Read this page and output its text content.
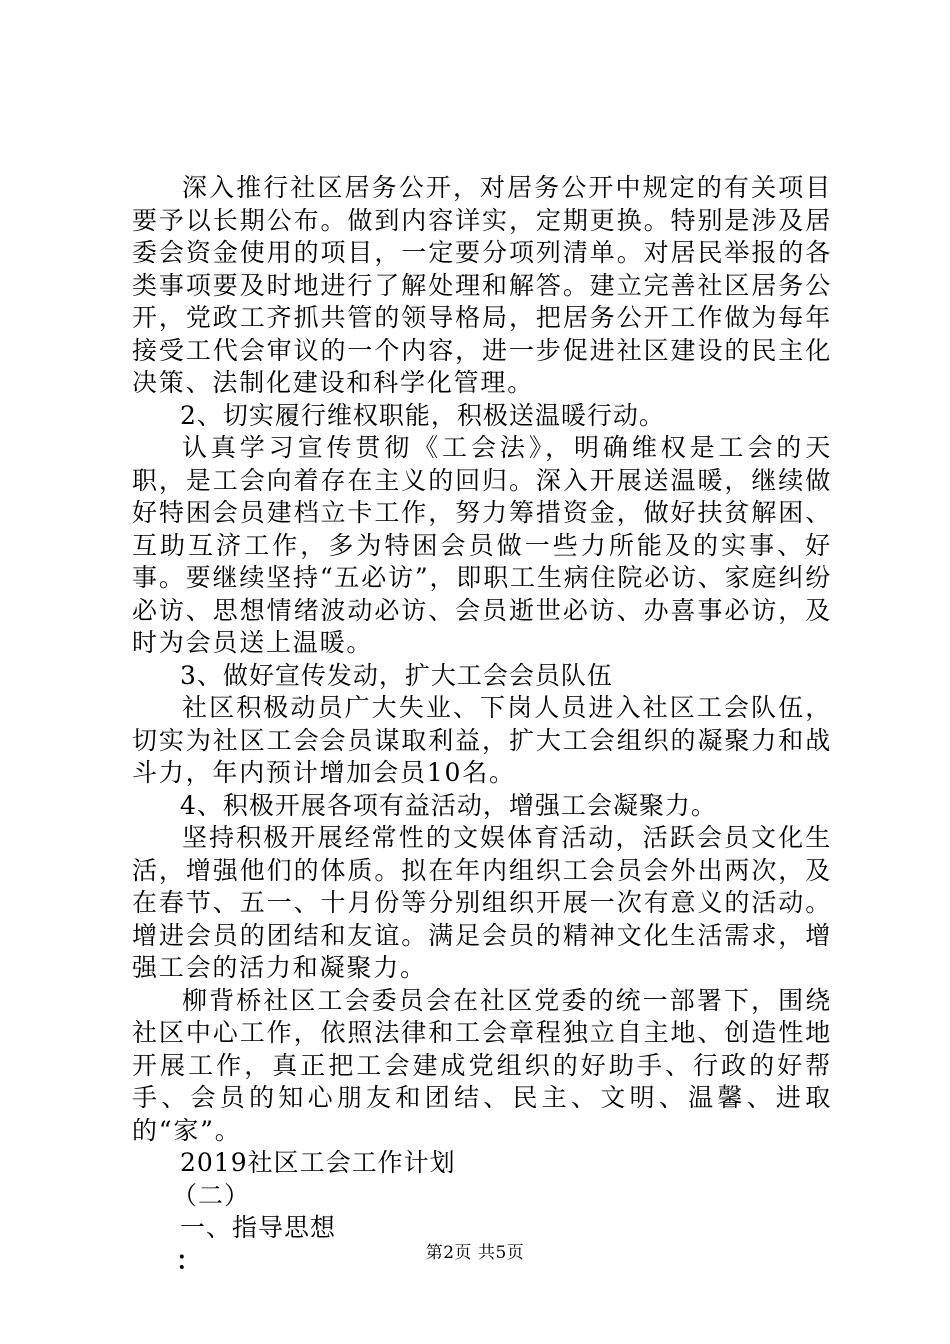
深入推行社区居务公开，对居务公开中规定的有关项目要予以长期公布。做到内容详实，定期更换。特别是涉及居委会资金使用的项目，一定要分项列清单。对居民举报的各类事项要及时地进行了解处理和解答。建立完善社区居务公开，党政工齐抓共管的领导格局，把居务公开工作做为每年接受工代会审议的一个内容，进一步促进社区建设的民主化决策、法制化建设和科学化管理。

2、切实履行维权职能，积极送温暖行动。

认真学习宣传贯彻《工会法》，明确维权是工会的天职，是工会向着存在主义的回归。深入开展送温暖，继续做好特困会员建档立卡工作，努力筹措资金，做好扶贫解困、互助互济工作，多为特困会员做一些力所能及的实事、好事。要继续坚持“五必访”，即职工生病住院必访、家庭纠纷必访、思想情绪波动必访、会员逝世必访、办喜事必访，及时为会员送上温暖。

3、做好宣传发动，扩大工会会员队伍

社区积极动员广大失业、下岗人员进入社区工会队伍，切实为社区工会会员谋取利益，扩大工会组织的凝聚力和战斗力，年内预计增加会员10名。

4、积极开展各项有益活动，增强工会凝聚力。

坚持积极开展经常性的文娱体育活动，活跃会员文化生活，增强他们的体质。拟在年内组织工会员会外出两次，及在春节、五一、十月份等分别组织开展一次有意义的活动。增进会员的团结和友谊。满足会员的精神文化生活需求，增强工会的活力和凝聚力。

柳背桥社区工会委员会在社区党委的统一部署下，围绕社区中心工作，依照法律和工会章程独立自主地、创造性地开展工作，真正把工会建成党组织的好助手、行政的好帮手、会员的知心朋友和团结、民主、文明、温馨、进取的“家”。

2019社区工会工作计划

（二）

一、指导思想

：	第2页 共5页
